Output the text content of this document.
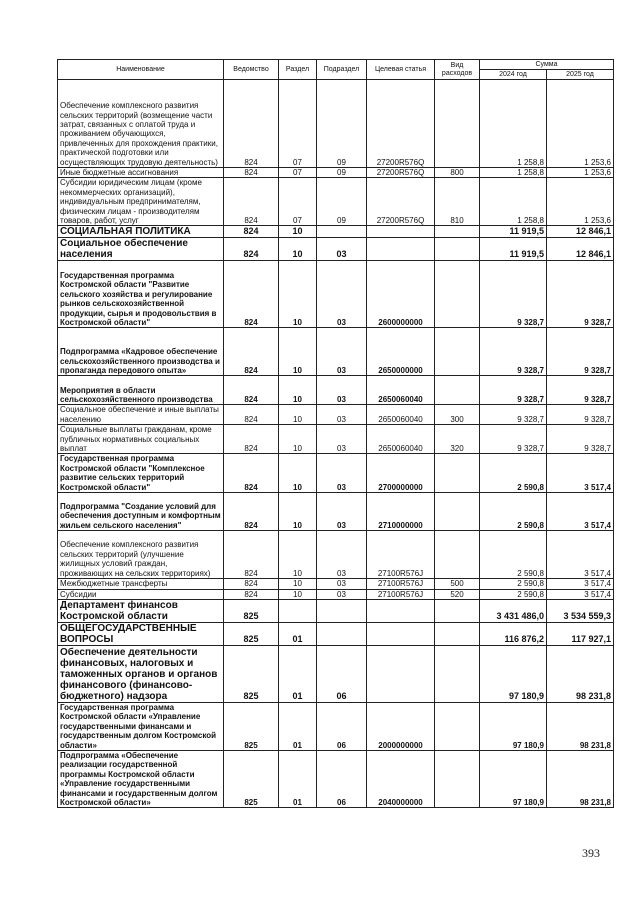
Наименование	Ведомство	Раздел	Подраздел	Целевая статья	Вид расходов	Сумма	
						2024 год	2025 год
Обеспечение комплексного развития сельских территорий (возмещение части затрат, связанных с оплатой труда и проживанием обучающихся, привлеченных для прохождения практики, практической подготовки или осуществляющих трудовую деятельность)	824	07	09	27200R576Q		1 258,8	1 253,6
Иные бюджетные ассигнования	824	07	09	27200R576Q	800	1 258,8	1 253,6
Субсидии юридическим лицам (кроме некоммерческих организаций), индивидуальным предпринимателям, физическим лицам - производителям товаров, работ, услуг	824	07	09	27200R576Q	810	1 258,8	1 253,6
СОЦИАЛЬНАЯ ПОЛИТИКА	824	10				11 919,5	12 846,1
Социальное обеспечение населения	824	10	03			11 919,5	12 846,1
Государственная программа Костромской области "Развитие сельского хозяйства и регулирование рынков сельскохозяйственной продукции, сырья и продовольствия в Костромской области"	824	10	03	2600000000		9 328,7	9 328,7
Подпрограмма «Кадровое обеспечение сельскохозяйственного производства и пропаганда передового опыта»	824	10	03	2650000000		9 328,7	9 328,7
Мероприятия в области сельскохозяйственного производства	824	10	03	2650060040		9 328,7	9 328,7
Социальное обеспечение и иные выплаты населению	824	10	03	2650060040	300	9 328,7	9 328,7
Социальные выплаты гражданам, кроме публичных нормативных социальных выплат	824	10	03	2650060040	320	9 328,7	9 328,7
Государственная программа Костромской области "Комплексное развитие сельских территорий Костромской области"	824	10	03	2700000000		2 590,8	3 517,4
Подпрограмма "Создание условий для обеспечения доступным и комфортным жильем сельского населения"	824	10	03	2710000000		2 590,8	3 517,4
Обеспечение комплексного развития сельских территорий (улучшение жилищных условий граждан, проживающих на сельских территориях)	824	10	03	27100R576J		2 590,8	3 517,4
Межбюджетные трансферты	824	10	03	27100R576J	500	2 590,8	3 517,4
Субсидии	824	10	03	27100R576J	520	2 590,8	3 517,4
Департамент финансов Костромской области	825					3 431 486,0	3 534 559,3
ОБЩЕГОСУДАРСТВЕННЫЕ ВОПРОСЫ	825	01				116 876,2	117 927,1
Обеспечение деятельности финансовых, налоговых и таможенных органов и органов финансового (финансово-бюджетного) надзора	825	01	06			97 180,9	98 231,8
Государственная программа Костромской области «Управление государственными финансами и государственным долгом Костромской области»	825	01	06	2000000000		97 180,9	98 231,8
Подпрограмма «Обеспечение реализации государственной программы Костромской области «Управление государственными финансами и государственным долгом Костромской области»	825	01	06	2040000000		97 180,9	98 231,8
393
